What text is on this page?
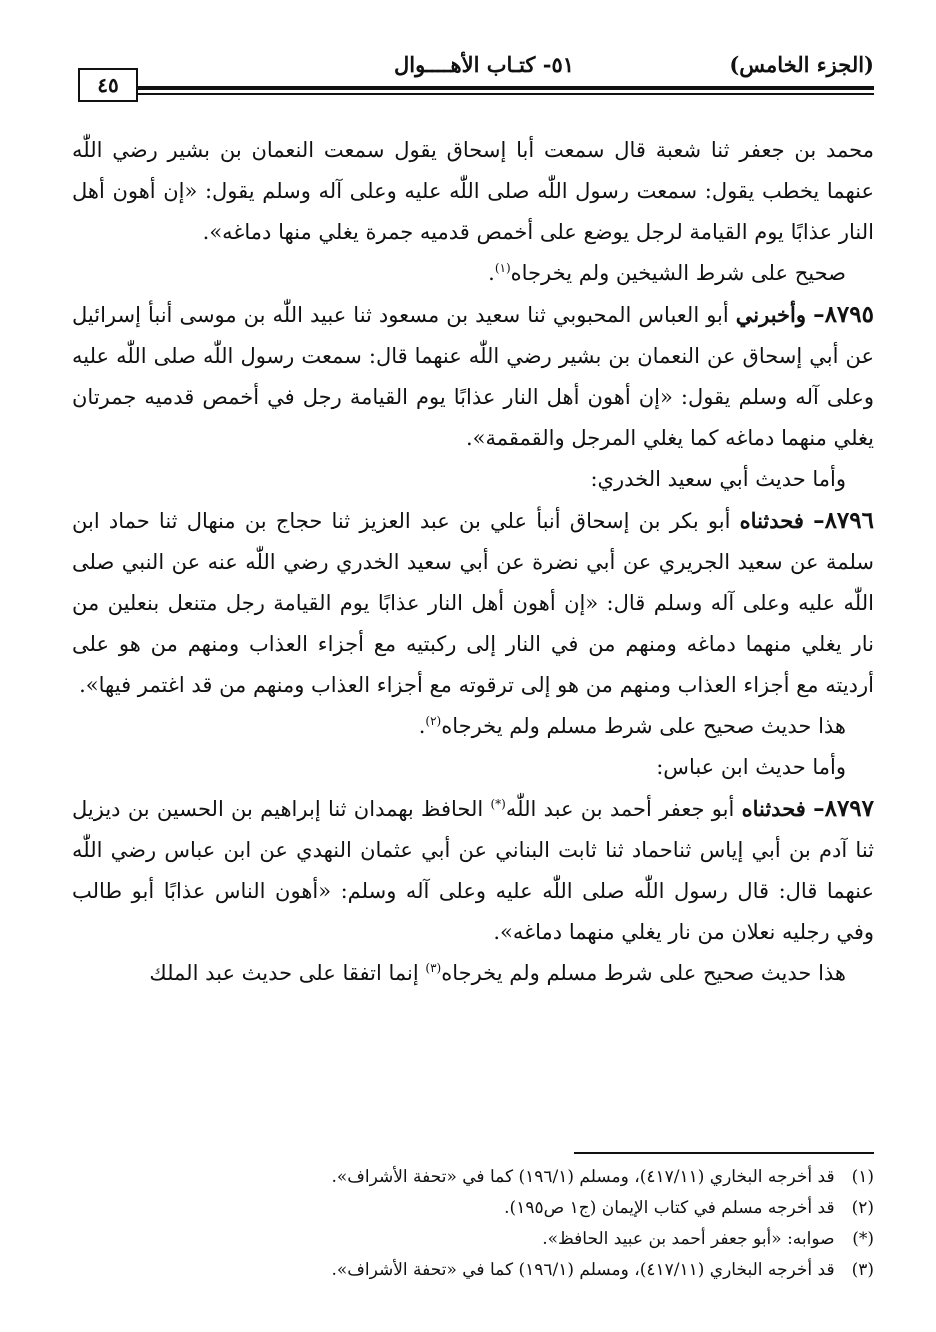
(الجزء الخامس)
٥١- كتـاب الأهــــوال
٤٥

محمد بن جعفر ثنا شعبة قال سمعت أبا إسحاق يقول سمعت النعمان بن بشير رضي اللّٰه عنهما يخطب يقول: سمعت رسول اللّٰه صلى اللّٰه عليه وعلى آله وسلم يقول: «إن أهون أهل النار عذابًا يوم القيامة لرجل يوضع على أخمص قدميه جمرة يغلي منها دماغه».

صحيح على شرط الشيخين ولم يخرجاه$^{(١)}$.

٨٧٩٥– وأخبرني أبو العباس المحبوبي ثنا سعيد بن مسعود ثنا عبيد اللّٰه بن موسى أنبأ إسرائيل عن أبي إسحاق عن النعمان بن بشير رضي اللّٰه عنهما قال: سمعت رسول اللّٰه صلى اللّٰه عليه وعلى آله وسلم يقول: «إن أهون أهل النار عذابًا يوم القيامة رجل في أخمص قدميه جمرتان يغلي منهما دماغه كما يغلي المرجل والقمقمة».

وأما حديث أبي سعيد الخدري:

٨٧٩٦– فحدثناه أبو بكر بن إسحاق أنبأ علي بن عبد العزيز ثنا حجاج بن منهال ثنا حماد ابن سلمة عن سعيد الجريري عن أبي نضرة عن أبي سعيد الخدري رضي اللّٰه عنه عن النبي صلى اللّٰه عليه وعلى آله وسلم قال: «إن أهون أهل النار عذابًا يوم القيامة رجل متنعل بنعلين من نار يغلي منهما دماغه ومنهم من في النار إلى ركبتيه مع أجزاء العذاب ومنهم من هو على أرديته مع أجزاء العذاب ومنهم من هو إلى ترقوته مع أجزاء العذاب ومنهم من قد اغتمر فيها».

هذا حديث صحيح على شرط مسلم ولم يخرجاه$^{(٢)}$.

وأما حديث ابن عباس:

٨٧٩٧– فحدثناه أبو جعفر أحمد بن عبد اللّٰه(*) الحافظ بهمدان ثنا إبراهيم بن الحسين بن ديزيل ثنا آدم بن أبي إياس ثناحماد ثنا ثابت البناني عن أبي عثمان النهدي عن ابن عباس رضي اللّٰه عنهما قال: قال رسول اللّٰه صلى اللّٰه عليه وعلى آله وسلم: «أهون الناس عذابًا أبو طالب وفي رجليه نعلان من نار يغلي منهما دماغه».

هذا حديث صحيح على شرط مسلم ولم يخرجاه$^{(٣)}$ إنما اتفقا على حديث عبد الملك

(١) قد أخرجه البخاري (٤١٧/١١)، ومسلم (١٩٦/١) كما في «تحفة الأشراف».

(٢) قد أخرجه مسلم في كتاب الإيمان (ج١ ص١٩٥).

(*) صوابه: «أبو جعفر أحمد بن عبيد الحافظ».

(٣) قد أخرجه البخاري (٤١٧/١١)، ومسلم (١٩٦/١) كما في «تحفة الأشراف».
